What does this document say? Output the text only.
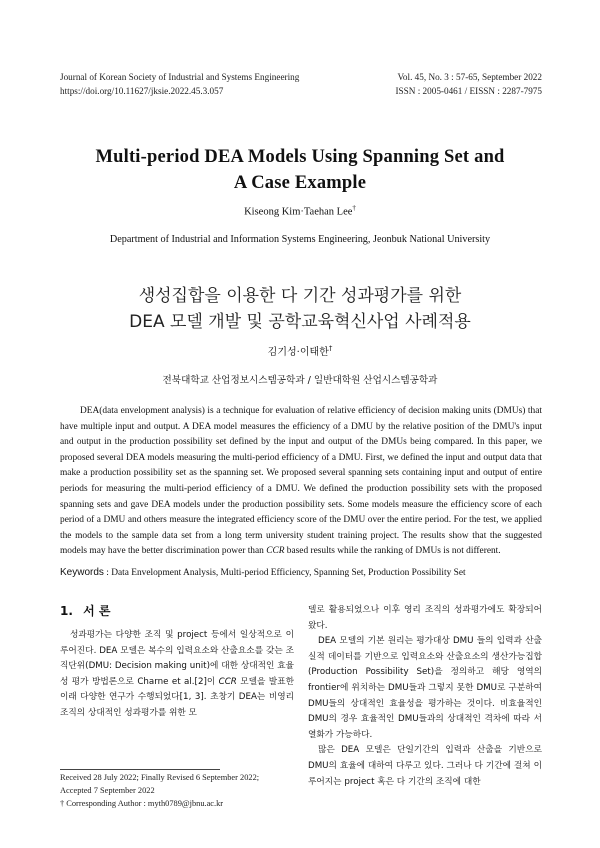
Journal of Korean Society of Industrial and Systems Engineering
https://doi.org/10.11627/jksie.2022.45.3.057
Vol. 45, No. 3 : 57-65, September 2022
ISSN : 2005-0461 / EISSN : 2287-7975
Multi-period DEA Models Using Spanning Set and
A Case Example
Kiseong Kim·Taehan Lee†
Department of Industrial and Information Systems Engineering, Jeonbuk National University
생성집합을 이용한 다 기간 성과평가를 위한
DEA 모델 개발 및 공학교육혁신사업 사례적용
김기성·이태한†
전북대학교 산업정보시스템공학과 / 일반대학원 산업시스템공학과
DEA(data envelopment analysis) is a technique for evaluation of relative efficiency of decision making units (DMUs) that have multiple input and output. A DEA model measures the efficiency of a DMU by the relative position of the DMU's input and output in the production possibility set defined by the input and output of the DMUs being compared. In this paper, we proposed several DEA models measuring the multi-period efficiency of a DMU. First, we defined the input and output data that make a production possibility set as the spanning set. We proposed several spanning sets containing input and output of entire periods for measuring the multi-period efficiency of a DMU. We defined the production possibility sets with the proposed spanning sets and gave DEA models under the production possibility sets. Some models measure the efficiency score of each period of a DMU and others measure the integrated efficiency score of the DMU over the entire period. For the test, we applied the models to the sample data set from a long term university student training project. The results show that the suggested models may have the better discrimination power than CCR based results while the ranking of DMUs is not different.
Keywords : Data Envelopment Analysis, Multi-period Efficiency, Spanning Set, Production Possibility Set
1. 서 론

성과평가는 다양한 조직 및 project 등에서 일상적으로 이루어진다. DEA 모델은 복수의 입력요소와 산출요소를 갖는 조직단위(DMU: Decision making unit)에 대한 상대적인 효율성 평가 방법론으로 Charne et al.[2]이 CCR 모델을 발표한 이래 다양한 연구가 수행되었다[1, 3]. 초창기 DEA는 비영리 조직의 상대적인 성과평가를 위한 모

델로 활용되었으나 이후 영리 조직의 성과평가에도 확장되어 왔다.

DEA 모델의 기본 원리는 평가대상 DMU 들의 입력과 산출 실적 데이터를 기반으로 입력요소와 산출요소의 생산가능집합(Production Possibility Set)을 정의하고 해당 영역의 frontier에 위치하는 DMU들과 그렇지 못한 DMU로 구분하여 DMU들의 상대적인 효율성을 평가하는 것이다. 비효율적인 DMU의 경우 효율적인 DMU들과의 상대적인 격차에 따라 서열화가 가능하다.

많은 DEA 모델은 단일기간의 입력과 산출을 기반으로 DMU의 효율에 대하여 다루고 있다. 그러나 다 기간에 걸쳐 이루어지는 project 혹은 다 기간의 조직에 대한

Received 28 July 2022; Finally Revised 6 September 2022;
Accepted 7 September 2022
† Corresponding Author : myth0789@jbnu.ac.kr
